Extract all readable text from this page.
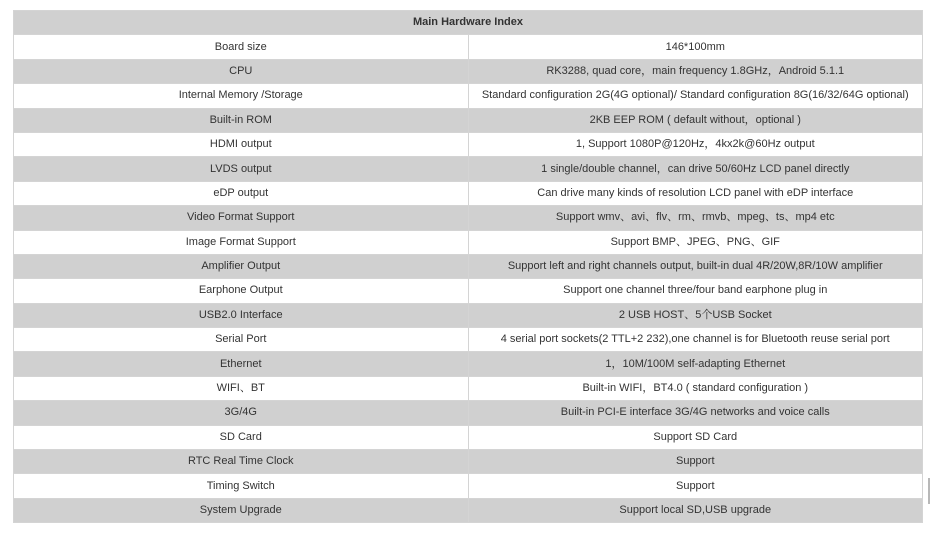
Main Hardware Index	
Board size	146*100mm
CPU	RK3288, quad core，main frequency 1.8GHz，Android 5.1.1
Internal Memory /Storage	Standard configuration 2G(4G optional)/ Standard configuration 8G(16/32/64G optional)
Built-in ROM	2KB EEP ROM ( default without，optional )
HDMI output	1, Support 1080P@120Hz，4kx2k@60Hz output
LVDS output	1 single/double channel，can drive 50/60Hz LCD panel directly
eDP output	Can drive many kinds of resolution LCD panel with eDP interface
Video Format Support	Support wmv、avi、flv、rm、rmvb、mpeg、ts、mp4 etc
Image Format Support	Support BMP、JPEG、PNG、GIF
Amplifier Output	Support left and right channels output, built-in dual 4R/20W,8R/10W amplifier
Earphone Output	Support one channel three/four band earphone plug in
USB2.0 Interface	2 USB HOST、5个USB Socket
Serial Port	4 serial port sockets(2 TTL+2 232),one channel is for Bluetooth reuse serial port
Ethernet	1，10M/100M self-adapting Ethernet
WIFI、BT	Built-in WIFI，BT4.0 ( standard configuration )
3G/4G	Built-in PCI-E interface 3G/4G networks and voice calls
SD Card	Support SD Card
RTC Real Time Clock	Support
Timing Switch	Support
System Upgrade	Support local SD,USB upgrade
